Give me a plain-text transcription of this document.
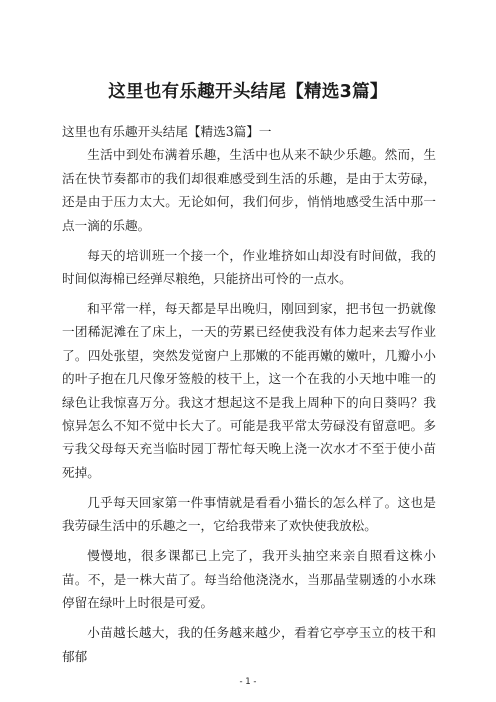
这里也有乐趣开头结尾【精选3篇】

这里也有乐趣开头结尾【精选3篇】一

生活中到处布满着乐趣，生活中也从来不缺少乐趣。然而，生活在快节奏都市的我们却很难感受到生活的乐趣，是由于太劳碌，还是由于压力太大。无论如何，我们何步，悄悄地感受生活中那一点一滴的乐趣。

每天的培训班一个接一个，作业堆挤如山却没有时间做，我的时间似海棉已经弹尽粮绝，只能挤出可怜的一点水。

和平常一样，每天都是早出晚归，刚回到家，把书包一扔就像一团稀泥滩在了床上，一天的劳累已经使我没有体力起来去写作业了。四处张望，突然发觉窗户上那嫩的不能再嫩的嫩叶，几瓣小小的叶子抱在几尺像牙签般的枝干上，这一个在我的小天地中唯一的绿色让我惊喜万分。我这才想起这不是我上周种下的向日葵吗？我惊异怎么不知不觉中长大了。可能是我平常太劳碌没有留意吧。多亏我父母每天充当临时园丁帮忙每天晚上浇一次水才不至于使小苗死掉。

几乎每天回家第一件事情就是看看小猫长的怎么样了。这也是我劳碌生活中的乐趣之一，它给我带来了欢快使我放松。

慢慢地，很多课都已上完了，我开头抽空来亲自照看这株小苗。不，是一株大苗了。每当给他浇浇水，当那晶莹剔透的小水珠停留在绿叶上时很是可爱。

小苗越长越大，我的任务越来越少，看着它亭亭玉立的枝干和郁郁

- 1 -
